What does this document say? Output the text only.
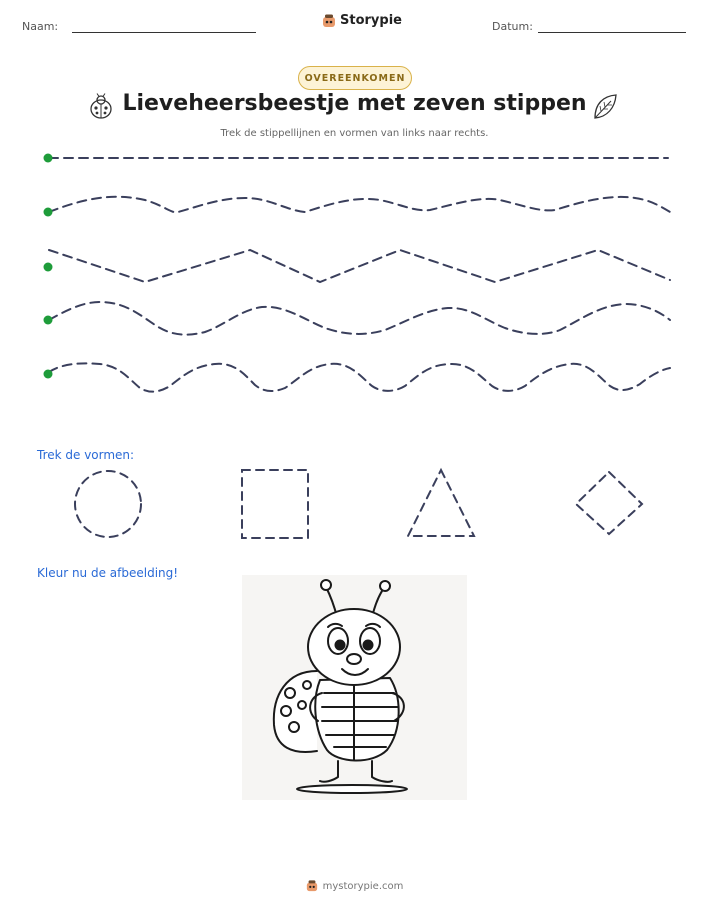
Naam:	Storypie	Datum:
OVEREENKOMEN
Lieveheersbeestje met zeven stippen
Trek de stippellijnen en vormen van links naar rechts.
Trek de vormen:
Kleur nu de afbeelding!
mystorypie.com
